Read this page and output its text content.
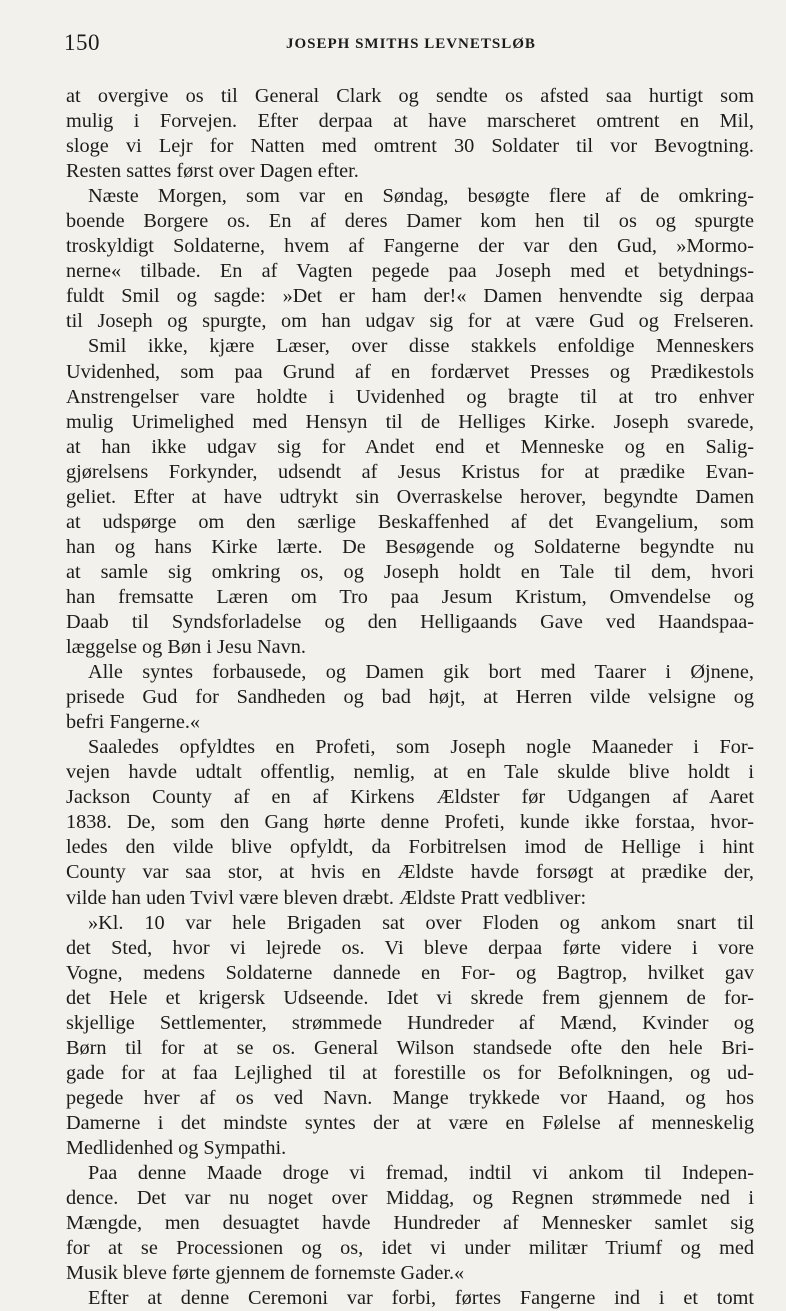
150	JOSEPH SMITHS LEVNETSLØB
at overgive os til General Clark og sendte os afsted saa hurtigt som
mulig i Forvejen. Efter derpaa at have marscheret omtrent en Mil,
sloge vi Lejr for Natten med omtrent 30 Soldater til vor Bevogtning.
Resten sattes først over Dagen efter.
Næste Morgen, som var en Søndag, besøgte flere af de omkring-
boende Borgere os. En af deres Damer kom hen til os og spurgte
troskyldigt Soldaterne, hvem af Fangerne der var den Gud, »Mormo-
nerne« tilbade. En af Vagten pegede paa Joseph med et betydnings-
fuldt Smil og sagde: »Det er ham der!« Damen henvendte sig derpaa
til Joseph og spurgte, om han udgav sig for at være Gud og Frelseren.
Smil ikke, kjære Læser, over disse stakkels enfoldige Menneskers
Uvidenhed, som paa Grund af en fordærvet Presses og Prædikestols
Anstrengelser vare holdte i Uvidenhed og bragte til at tro enhver
mulig Urimelighed med Hensyn til de Helliges Kirke. Joseph svarede,
at han ikke udgav sig for Andet end et Menneske og en Salig-
gjørelsens Forkynder, udsendt af Jesus Kristus for at prædike Evan-
geliet. Efter at have udtrykt sin Overraskelse herover, begyndte Damen
at udspørge om den særlige Beskaffenhed af det Evangelium, som
han og hans Kirke lærte. De Besøgende og Soldaterne begyndte nu
at samle sig omkring os, og Joseph holdt en Tale til dem, hvori
han fremsatte Læren om Tro paa Jesum Kristum, Omvendelse og
Daab til Syndsforladelse og den Helligaands Gave ved Haandspaa-
læggelse og Bøn i Jesu Navn.
Alle syntes forbausede, og Damen gik bort med Taarer i Øjnene,
prisede Gud for Sandheden og bad højt, at Herren vilde velsigne og
befri Fangerne.«
Saaledes opfyldtes en Profeti, som Joseph nogle Maaneder i For-
vejen havde udtalt offentlig, nemlig, at en Tale skulde blive holdt i
Jackson County af en af Kirkens Ældster før Udgangen af Aaret
1838. De, som den Gang hørte denne Profeti, kunde ikke forstaa, hvor-
ledes den vilde blive opfyldt, da Forbitrelsen imod de Hellige i hint
County var saa stor, at hvis en Ældste havde forsøgt at prædike der,
vilde han uden Tvivl være bleven dræbt. Ældste Pratt vedbliver:
»Kl. 10 var hele Brigaden sat over Floden og ankom snart til
det Sted, hvor vi lejrede os. Vi bleve derpaa førte videre i vore
Vogne, medens Soldaterne dannede en For- og Bagtrop, hvilket gav
det Hele et krigersk Udseende. Idet vi skrede frem gjennem de for-
skjellige Settlementer, strømmede Hundreder af Mænd, Kvinder og
Børn til for at se os. General Wilson standsede ofte den hele Bri-
gade for at faa Lejlighed til at forestille os for Befolkningen, og ud-
pegede hver af os ved Navn. Mange trykkede vor Haand, og hos
Damerne i det mindste syntes der at være en Følelse af menneskelig
Medlidenhed og Sympathi.
Paa denne Maade droge vi fremad, indtil vi ankom til Indepen-
dence. Det var nu noget over Middag, og Regnen strømmede ned i
Mængde, men desuagtet havde Hundreder af Mennesker samlet sig
for at se Processionen og os, idet vi under militær Triumf og med
Musik bleve førte gjennem de fornemste Gader.«
Efter at denne Ceremoni var forbi, førtes Fangerne ind i et tomt
